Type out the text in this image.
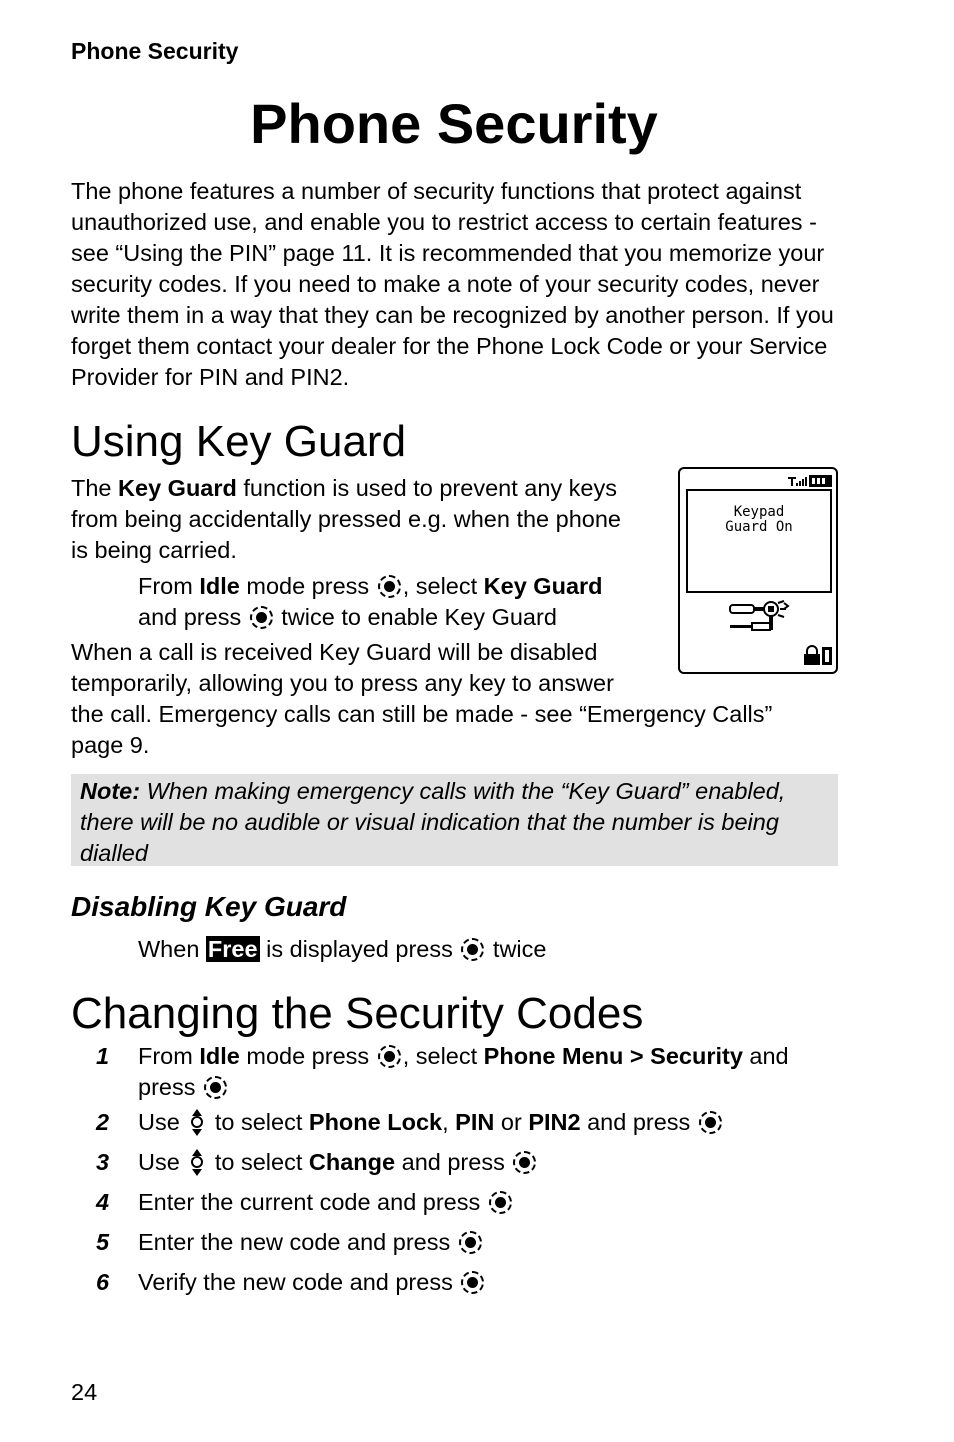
Phone Security
Phone Security
The phone features a number of security functions that protect against unauthorized use, and enable you to restrict access to certain features - see “Using the PIN” page 11. It is recommended that you memorize your security codes. If you need to make a note of your security codes, never write them in a way that they can be recognized by another person. If you forget them contact your dealer for the Phone Lock Code or your Service Provider for PIN and PIN2.
Using Key Guard
The Key Guard function is used to prevent any keys
from being accidentally pressed e.g. when the phone
is being carried.
From Idle mode press , select Key Guard
and press  twice to enable Key Guard
When a call is received Key Guard will be disabled
temporarily, allowing you to press any key to answer
the call. Emergency calls can still be made - see “Emergency Calls”
page 9.
Keypad
Guard On
Note: When making emergency calls with the “Key Guard” enabled, there will be no audible or visual indication that the number is being dialled
Disabling Key Guard
When Free is displayed press  twice
Changing the Security Codes
1 From Idle mode press , select Phone Menu > Security and
press
2 Use
to select Phone Lock, PIN or PIN2 and press
3 Use
to select Change and press
4 Enter the current code and press
5 Enter the new code and press
6 Verify the new code and press
24
